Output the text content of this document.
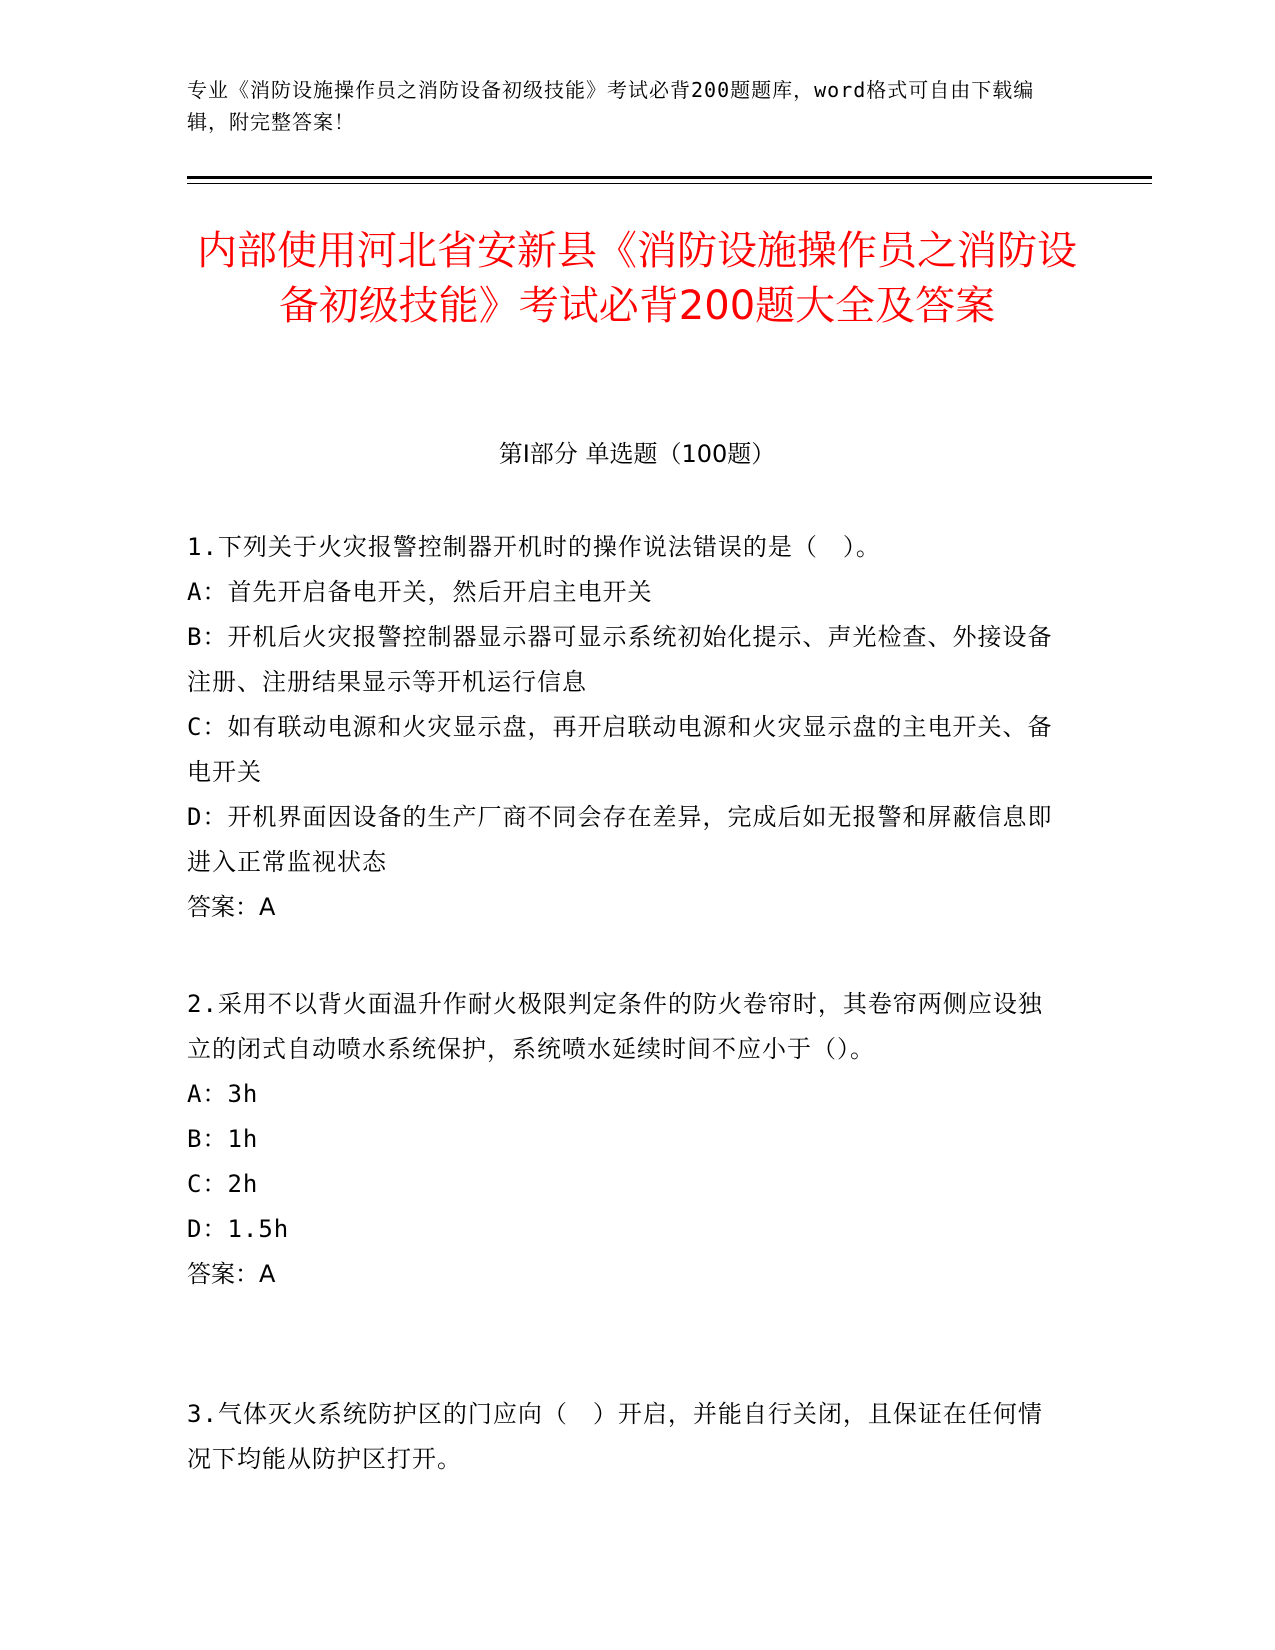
专业《消防设施操作员之消防设备初级技能》考试必背200题题库，word格式可自由下载编辑，附完整答案！
内部使用河北省安新县《消防设施操作员之消防设备初级技能》考试必背200题大全及答案
第Ⅰ部分 单选题（100题）
1.下列关于火灾报警控制器开机时的操作说法错误的是（　）。
A：首先开启备电开关，然后开启主电开关
B：开机后火灾报警控制器显示器可显示系统初始化提示、声光检查、外接设备注册、注册结果显示等开机运行信息
C：如有联动电源和火灾显示盘，再开启联动电源和火灾显示盘的主电开关、备电开关
D：开机界面因设备的生产厂商不同会存在差异，完成后如无报警和屏蔽信息即进入正常监视状态
答案：A
2.采用不以背火面温升作耐火极限判定条件的防火卷帘时，其卷帘两侧应设独立的闭式自动喷水系统保护，系统喷水延续时间不应小于（）。
A：3h
B：1h
C：2h
D：1.5h
答案：A
3.气体灭火系统防护区的门应向（　）开启，并能自行关闭，且保证在任何情况下均能从防护区打开。
